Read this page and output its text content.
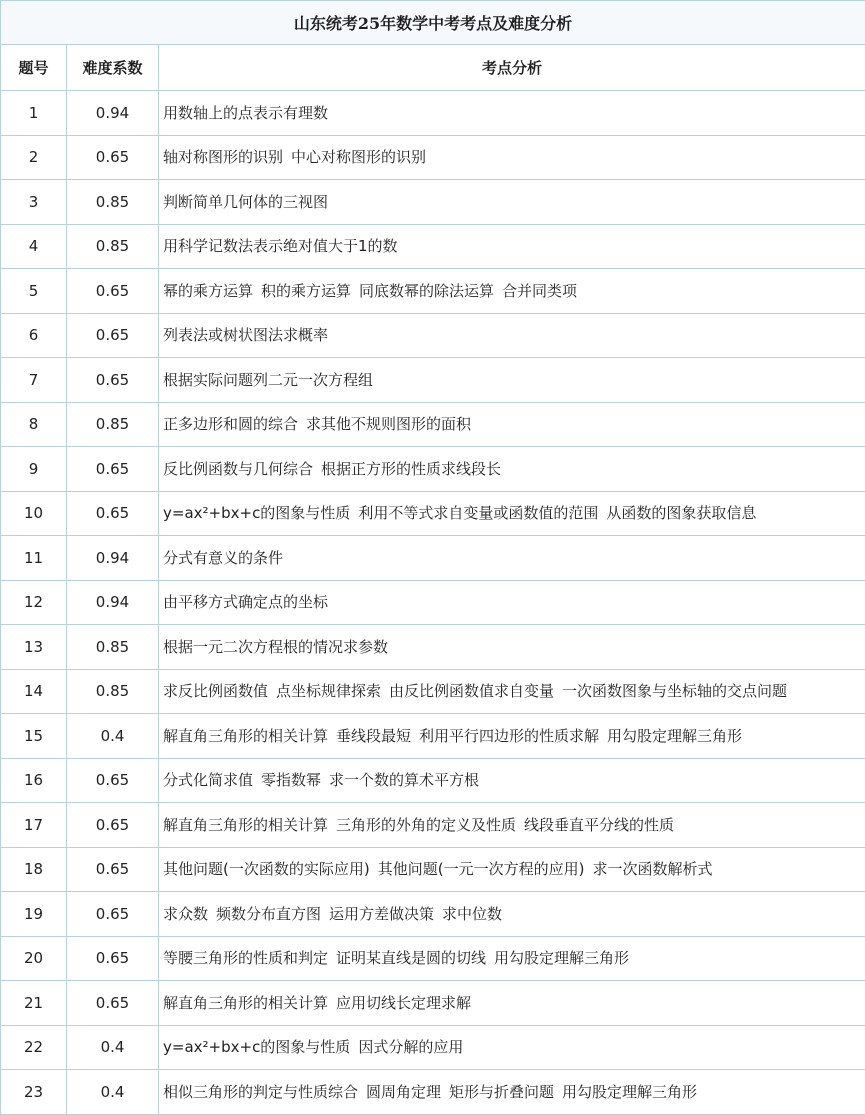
山东统考25年数学中考考点及难度分析		
题号	难度系数	考点分析
1	0.94	用数轴上的点表示有理数
2	0.65	轴对称图形的识别 中心对称图形的识别
3	0.85	判断简单几何体的三视图
4	0.85	用科学记数法表示绝对值大于1的数
5	0.65	幂的乘方运算 积的乘方运算 同底数幂的除法运算 合并同类项
6	0.65	列表法或树状图法求概率
7	0.65	根据实际问题列二元一次方程组
8	0.85	正多边形和圆的综合 求其他不规则图形的面积
9	0.65	反比例函数与几何综合 根据正方形的性质求线段长
10	0.65	y=ax²+bx+c的图象与性质 利用不等式求自变量或函数值的范围 从函数的图象获取信息
11	0.94	分式有意义的条件
12	0.94	由平移方式确定点的坐标
13	0.85	根据一元二次方程根的情况求参数
14	0.85	求反比例函数值 点坐标规律探索 由反比例函数值求自变量 一次函数图象与坐标轴的交点问题
15	0.4	解直角三角形的相关计算 垂线段最短 利用平行四边形的性质求解 用勾股定理解三角形
16	0.65	分式化简求值 零指数幂 求一个数的算术平方根
17	0.65	解直角三角形的相关计算 三角形的外角的定义及性质 线段垂直平分线的性质
18	0.65	其他问题(一次函数的实际应用) 其他问题(一元一次方程的应用) 求一次函数解析式
19	0.65	求众数 频数分布直方图 运用方差做决策 求中位数
20	0.65	等腰三角形的性质和判定 证明某直线是圆的切线 用勾股定理解三角形
21	0.65	解直角三角形的相关计算 应用切线长定理求解
22	0.4	y=ax²+bx+c的图象与性质 因式分解的应用
23	0.4	相似三角形的判定与性质综合 圆周角定理 矩形与折叠问题 用勾股定理解三角形
